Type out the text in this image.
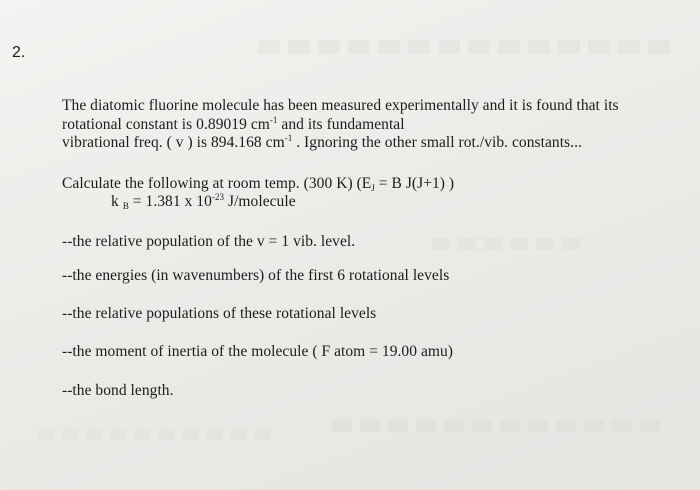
2.
The diatomic fluorine molecule has been measured experimentally and it is found that its
rotational constant is 0.89019 $cm^{-1}$ and its fundamental
vibrational freq. ( v ) is 894.168 $cm^{-1}$ . Ignoring the other small rot./vib. constants...
Calculate the following at room temp. (300 K) ($E_J = B$ J(J+1) )
k $_B$ = 1.381 x $10^{-23}$ J/molecule
--the relative population of the v = 1 vib. level.
--the energies (in wavenumbers) of the first 6 rotational levels
--the relative populations of these rotational levels
--the moment of inertia of the molecule ( F atom = 19.00 amu)
--the bond length.
